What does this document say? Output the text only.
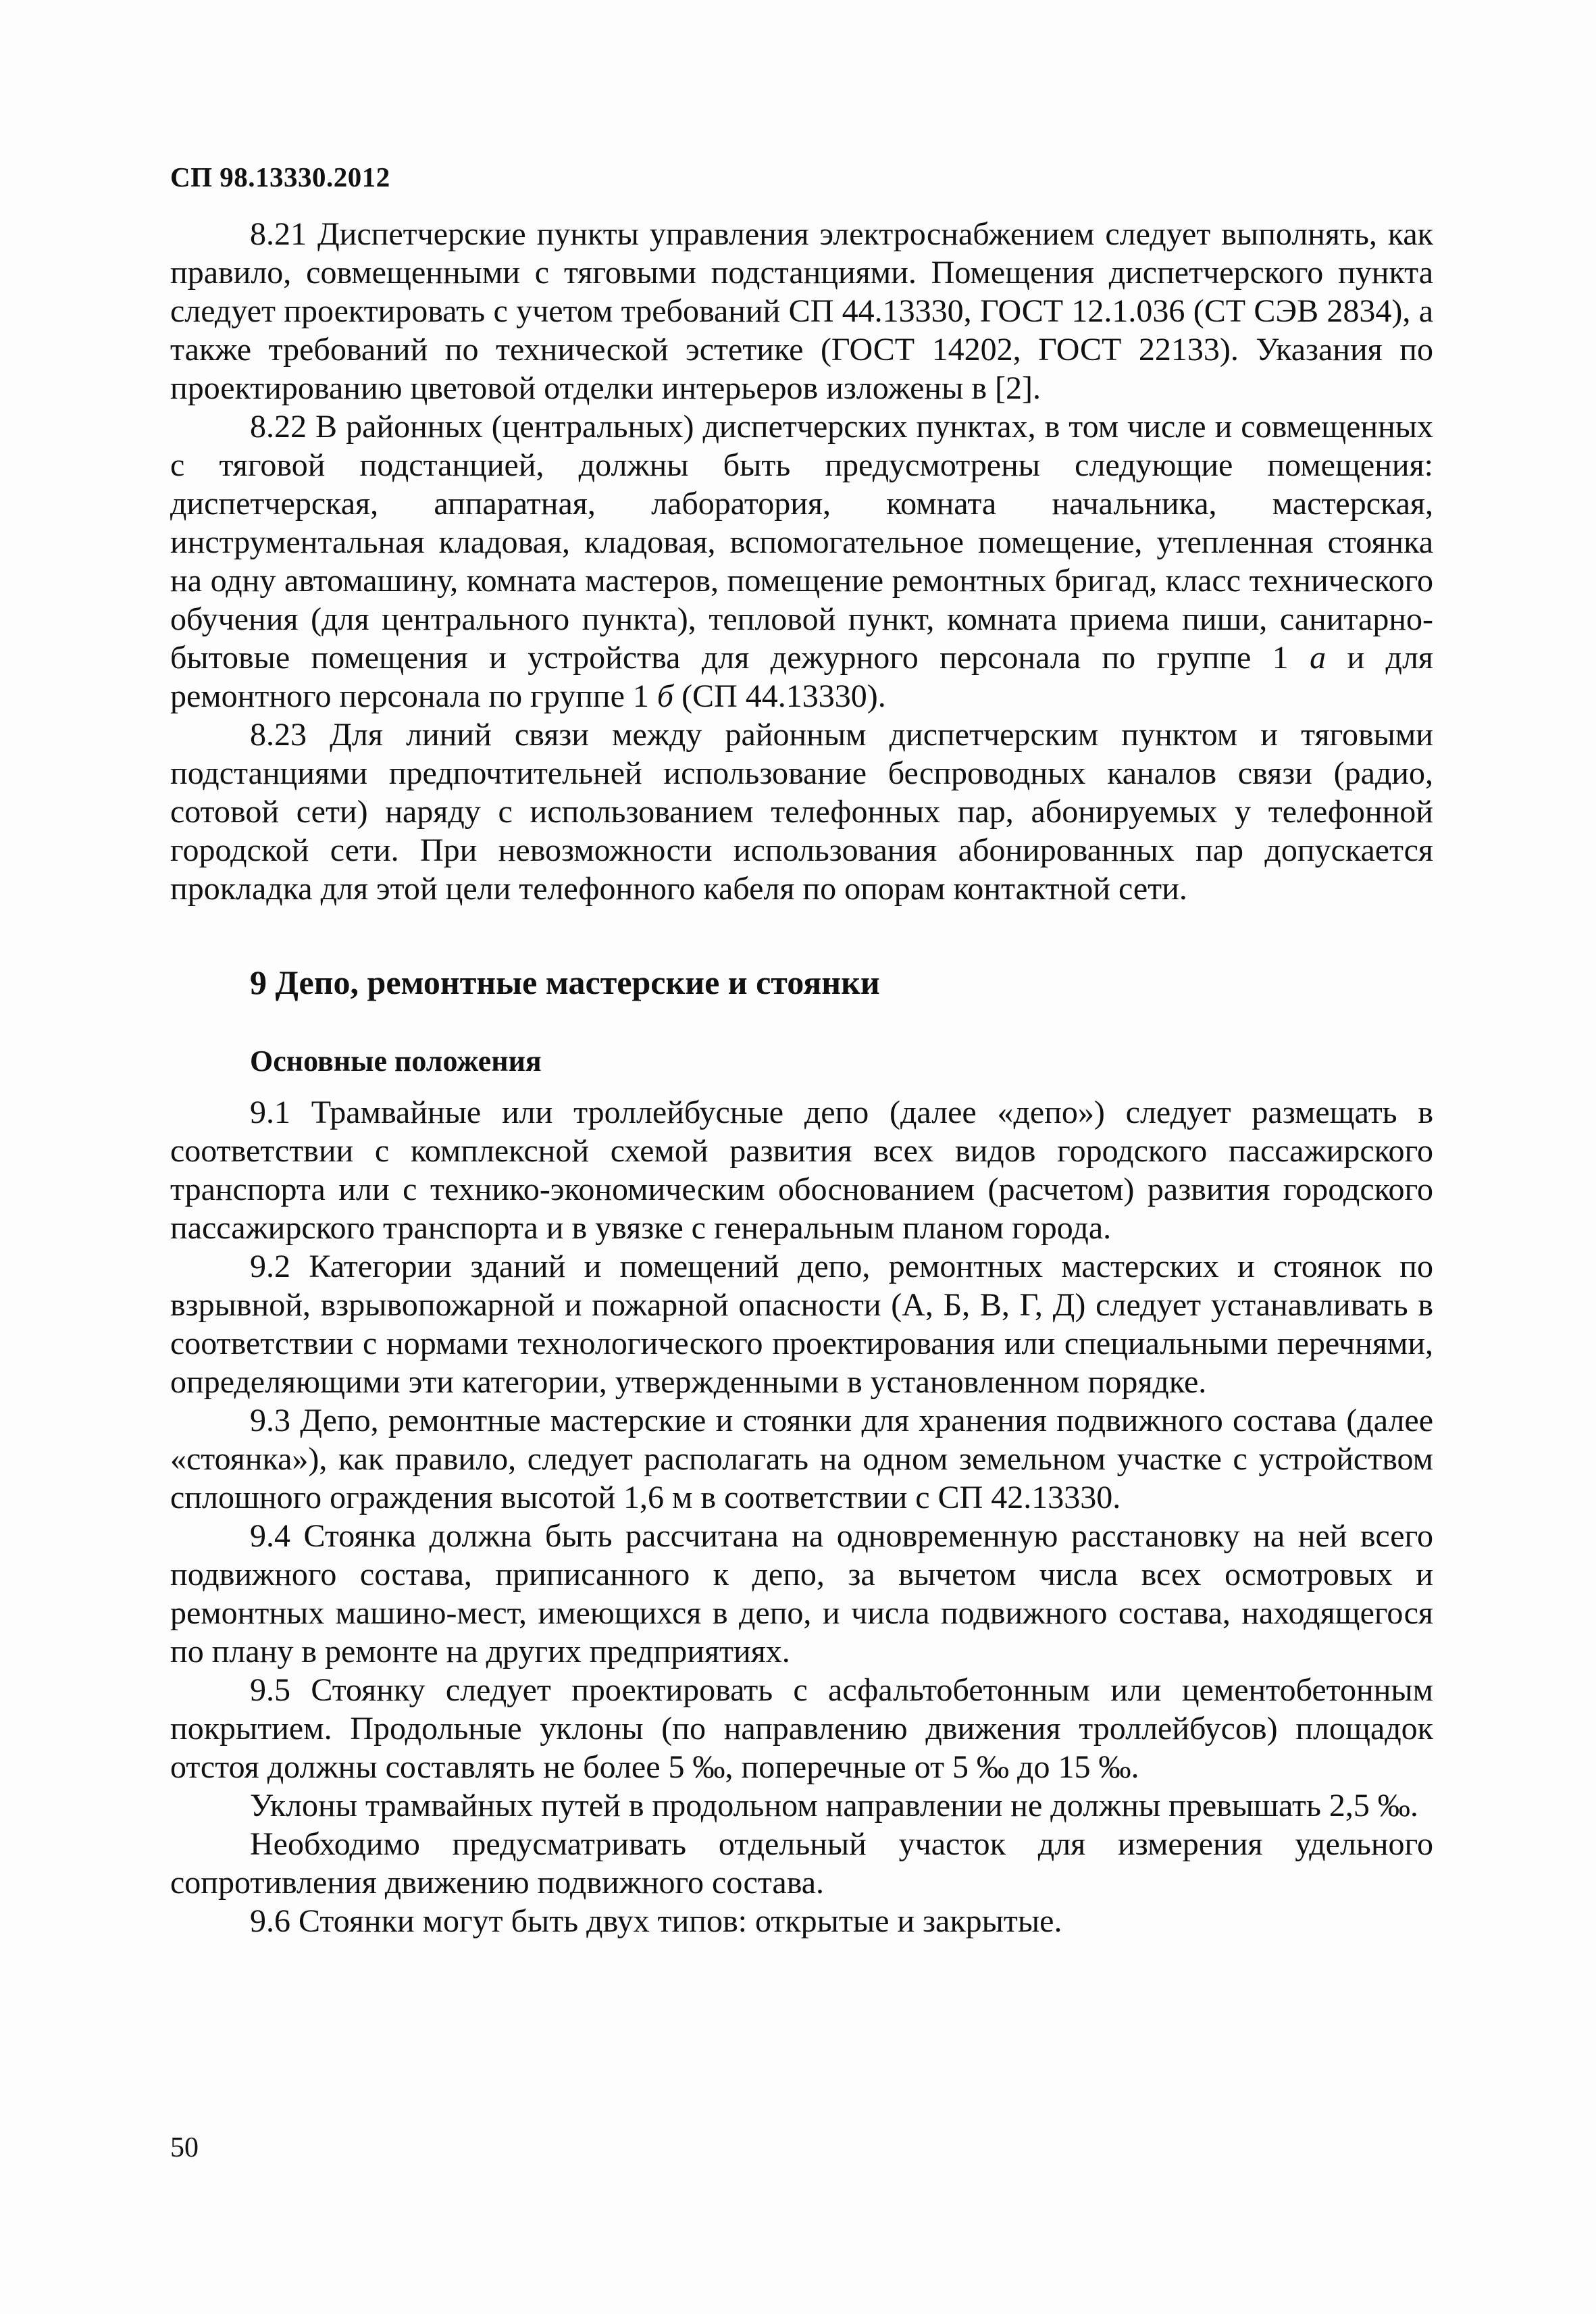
СП 98.13330.2012

8.21 Диспетчерские пункты управления электроснабжением следует выполнять, как правило, совмещенными с тяговыми подстанциями. Помещения диспетчерского пункта следует проектировать с учетом требований СП 44.13330, ГОСТ 12.1.036 (СТ СЭВ 2834), а также требований по технической эстетике (ГОСТ 14202, ГОСТ 22133). Указания по проектированию цветовой отделки интерьеров изложены в [2].

8.22 В районных (центральных) диспетчерских пунктах, в том числе и совмещенных с тяговой подстанцией, должны быть предусмотрены следующие помещения: диспетчерская, аппаратная, лаборатория, комната начальника, мастерская, инструментальная кладовая, кладовая, вспомогательное помещение, утепленная стоянка на одну автомашину, комната мастеров, помещение ремонтных бригад, класс технического обучения (для центрального пункта), тепловой пункт, комната приема пиши, санитарно-бытовые помещения и устройства для дежурного персонала по группе 1 а и для ремонтного персонала по группе 1 б (СП 44.13330).

8.23 Для линий связи между районным диспетчерским пунктом и тяговыми подстанциями предпочтительней использование беспроводных каналов связи (радио, сотовой сети) наряду с использованием телефонных пар, абонируемых у телефонной городской сети. При невозможности использования абонированных пар допускается прокладка для этой цели телефонного кабеля по опорам контактной сети.

9 Депо, ремонтные мастерские и стоянки
Основные положения

9.1 Трамвайные или троллейбусные депо (далее «депо») следует размещать в соответствии с комплексной схемой развития всех видов городского пассажирского транспорта или с технико-экономическим обоснованием (расчетом) развития городского пассажирского транспорта и в увязке с генеральным планом города.

9.2 Категории зданий и помещений депо, ремонтных мастерских и стоянок по взрывной, взрывопожарной и пожарной опасности (А, Б, В, Г, Д) следует устанавливать в соответствии с нормами технологического проектирования или специальными перечнями, определяющими эти категории, утвержденными в установленном порядке.

9.3 Депо, ремонтные мастерские и стоянки для хранения подвижного состава (далее «стоянка»), как правило, следует располагать на одном земельном участке с устройством сплошного ограждения высотой 1,6 м в соответствии с СП 42.13330.

9.4 Стоянка должна быть рассчитана на одновременную расстановку на ней всего подвижного состава, приписанного к депо, за вычетом числа всех осмотровых и ремонтных машино-мест, имеющихся в депо, и числа подвижного состава, находящегося по плану в ремонте на других предприятиях.

9.5 Стоянку следует проектировать с асфальтобетонным или цементобетонным покрытием. Продольные уклоны (по направлению движения троллейбусов) площадок отстоя должны составлять не более 5 ‰, поперечные от 5 ‰ до 15 ‰.

Уклоны трамвайных путей в продольном направлении не должны превышать 2,5 ‰.

Необходимо предусматривать отдельный участок для измерения удельного сопротивления движению подвижного состава.

9.6 Стоянки могут быть двух типов: открытые и закрытые.

50
